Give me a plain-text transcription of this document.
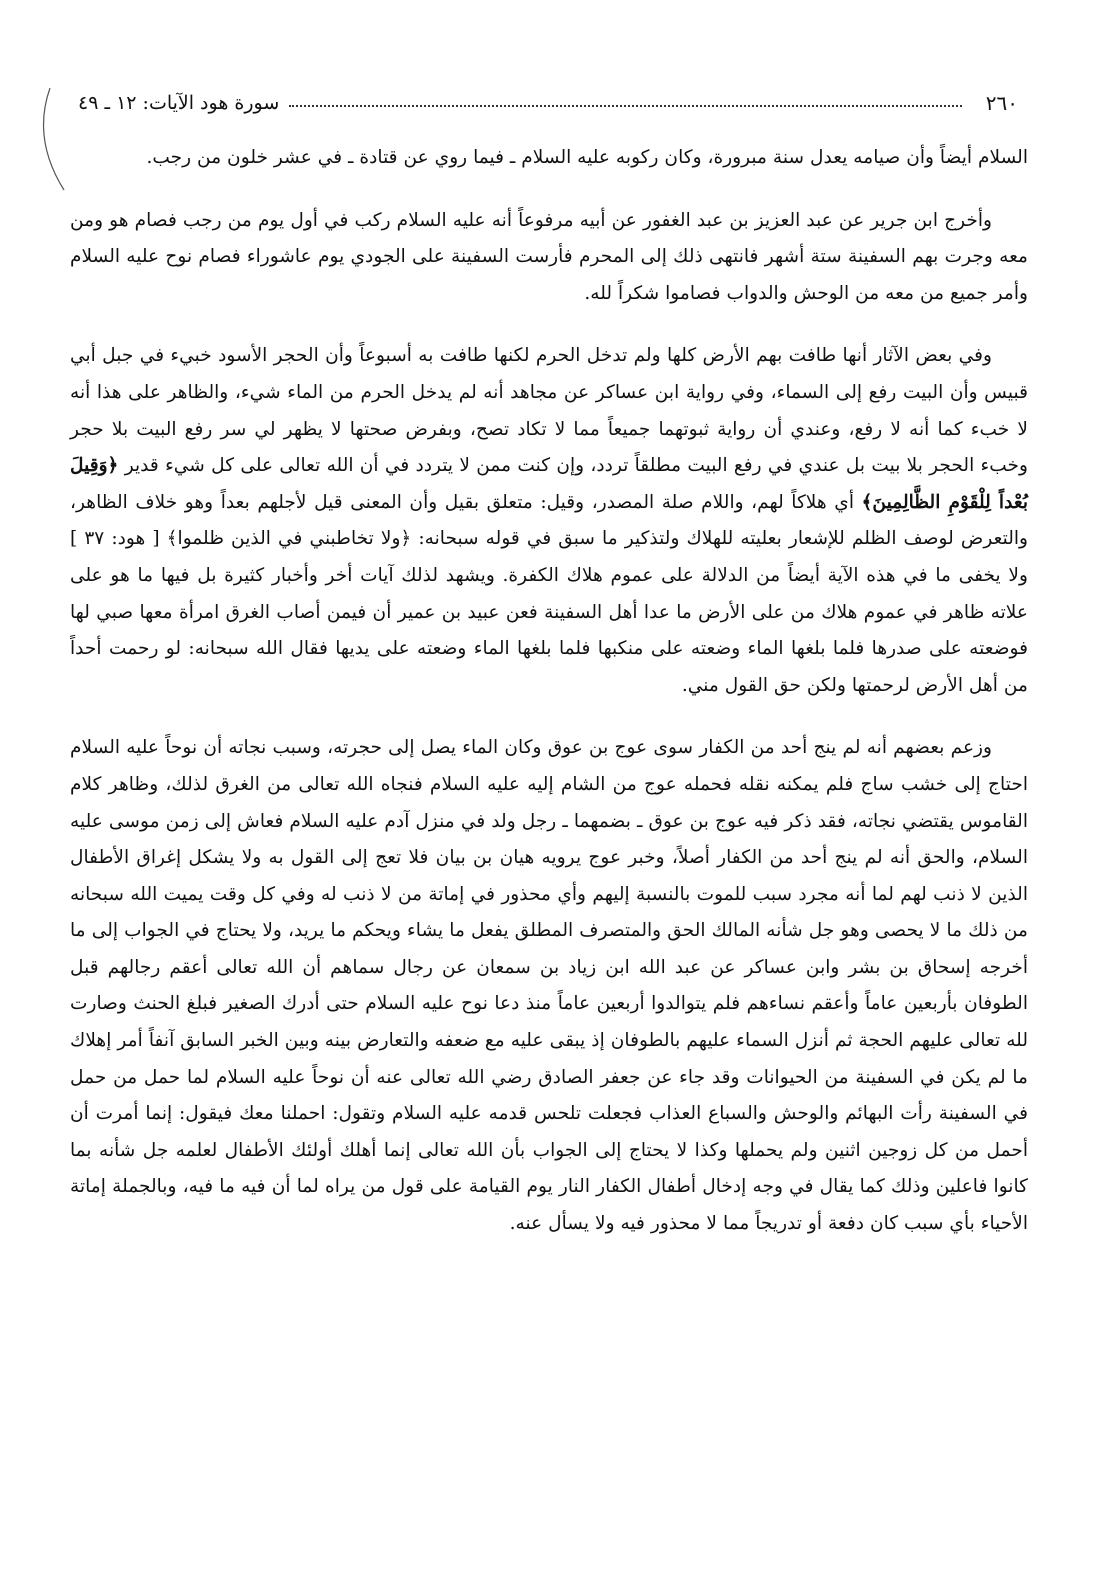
٢٦٠
سورة هود الآيات: ١٢ ـ ٤٩

السلام أيضاً وأن صيامه يعدل سنة مبرورة، وكان ركوبه عليه السلام ـ فيما روي عن قتادة ـ في عشر خلون من رجب.

وأخرج ابن جرير عن عبد العزيز بن عبد الغفور عن أبيه مرفوعاً أنه عليه السلام ركب في أول يوم من رجب فصام هو ومن معه وجرت بهم السفينة ستة أشهر فانتهى ذلك إلى المحرم فأرست السفينة على الجودي يوم عاشوراء فصام نوح عليه السلام وأمر جميع من معه من الوحش والدواب فصاموا شكراً لله.

وفي بعض الآثار أنها طافت بهم الأرض كلها ولم تدخل الحرم لكنها طافت به أسبوعاً وأن الحجر الأسود خبيء في جبل أبي قبيس وأن البيت رفع إلى السماء، وفي رواية ابن عساكر عن مجاهد أنه لم يدخل الحرم من الماء شيء، والظاهر على هذا أنه لا خبء كما أنه لا رفع، وعندي أن رواية ثبوتهما جميعاً مما لا تكاد تصح، وبفرض صحتها لا يظهر لي سر رفع البيت بلا حجر وخبء الحجر بلا بيت بل عندي في رفع البيت مطلقاً تردد، وإن كنت ممن لا يتردد في أن الله تعالى على كل شيء قدير ﴿وَقِيلَ بُعْداً لِلْقَوْمِ الظَّالِمِينَ﴾ أي هلاكاً لهم، واللام صلة المصدر، وقيل: متعلق بقيل وأن المعنى قيل لأجلهم بعداً وهو خلاف الظاهر، والتعرض لوصف الظلم للإشعار بعليته للهلاك ولتذكير ما سبق في قوله سبحانه: ﴿ولا تخاطبني في الذين ظلموا﴾ [ هود: ٣٧ ] ولا يخفى ما في هذه الآية أيضاً من الدلالة على عموم هلاك الكفرة. ويشهد لذلك آيات أخر وأخبار كثيرة بل فيها ما هو على علاته ظاهر في عموم هلاك من على الأرض ما عدا أهل السفينة فعن عبيد بن عمير أن فيمن أصاب الغرق امرأة معها صبي لها فوضعته على صدرها فلما بلغها الماء وضعته على منكبها فلما بلغها الماء وضعته على يديها فقال الله سبحانه: لو رحمت أحداً من أهل الأرض لرحمتها ولكن حق القول مني.

وزعم بعضهم أنه لم ينج أحد من الكفار سوى عوج بن عوق وكان الماء يصل إلى حجرته، وسبب نجاته أن نوحاً عليه السلام احتاج إلى خشب ساج فلم يمكنه نقله فحمله عوج من الشام إليه عليه السلام فنجاه الله تعالى من الغرق لذلك، وظاهر كلام القاموس يقتضي نجاته، فقد ذكر فيه عوج بن عوق ـ بضمهما ـ رجل ولد في منزل آدم عليه السلام فعاش إلى زمن موسى عليه السلام، والحق أنه لم ينج أحد من الكفار أصلاً، وخبر عوج يرويه هيان بن بيان فلا تعج إلى القول به ولا يشكل إغراق الأطفال الذين لا ذنب لهم لما أنه مجرد سبب للموت بالنسبة إليهم وأي محذور في إماتة من لا ذنب له وفي كل وقت يميت الله سبحانه من ذلك ما لا يحصى وهو جل شأنه المالك الحق والمتصرف المطلق يفعل ما يشاء ويحكم ما يريد، ولا يحتاج في الجواب إلى ما أخرجه إسحاق بن بشر وابن عساكر عن عبد الله ابن زياد بن سمعان عن رجال سماهم أن الله تعالى أعقم رجالهم قبل الطوفان بأربعين عاماً وأعقم نساءهم فلم يتوالدوا أربعين عاماً منذ دعا نوح عليه السلام حتى أدرك الصغير فبلغ الحنث وصارت لله تعالى عليهم الحجة ثم أنزل السماء عليهم بالطوفان إذ يبقى عليه مع ضعفه والتعارض بينه وبين الخبر السابق آنفاً أمر إهلاك ما لم يكن في السفينة من الحيوانات وقد جاء عن جعفر الصادق رضي الله تعالى عنه أن نوحاً عليه السلام لما حمل من حمل في السفينة رأت البهائم والوحش والسباع العذاب فجعلت تلحس قدمه عليه السلام وتقول: احملنا معك فيقول: إنما أمرت أن أحمل من كل زوجين اثنين ولم يحملها وكذا لا يحتاج إلى الجواب بأن الله تعالى إنما أهلك أولئك الأطفال لعلمه جل شأنه بما كانوا فاعلين وذلك كما يقال في وجه إدخال أطفال الكفار النار يوم القيامة على قول من يراه لما أن فيه ما فيه، وبالجملة إماتة الأحياء بأي سبب كان دفعة أو تدريجاً مما لا محذور فيه ولا يسأل عنه.
